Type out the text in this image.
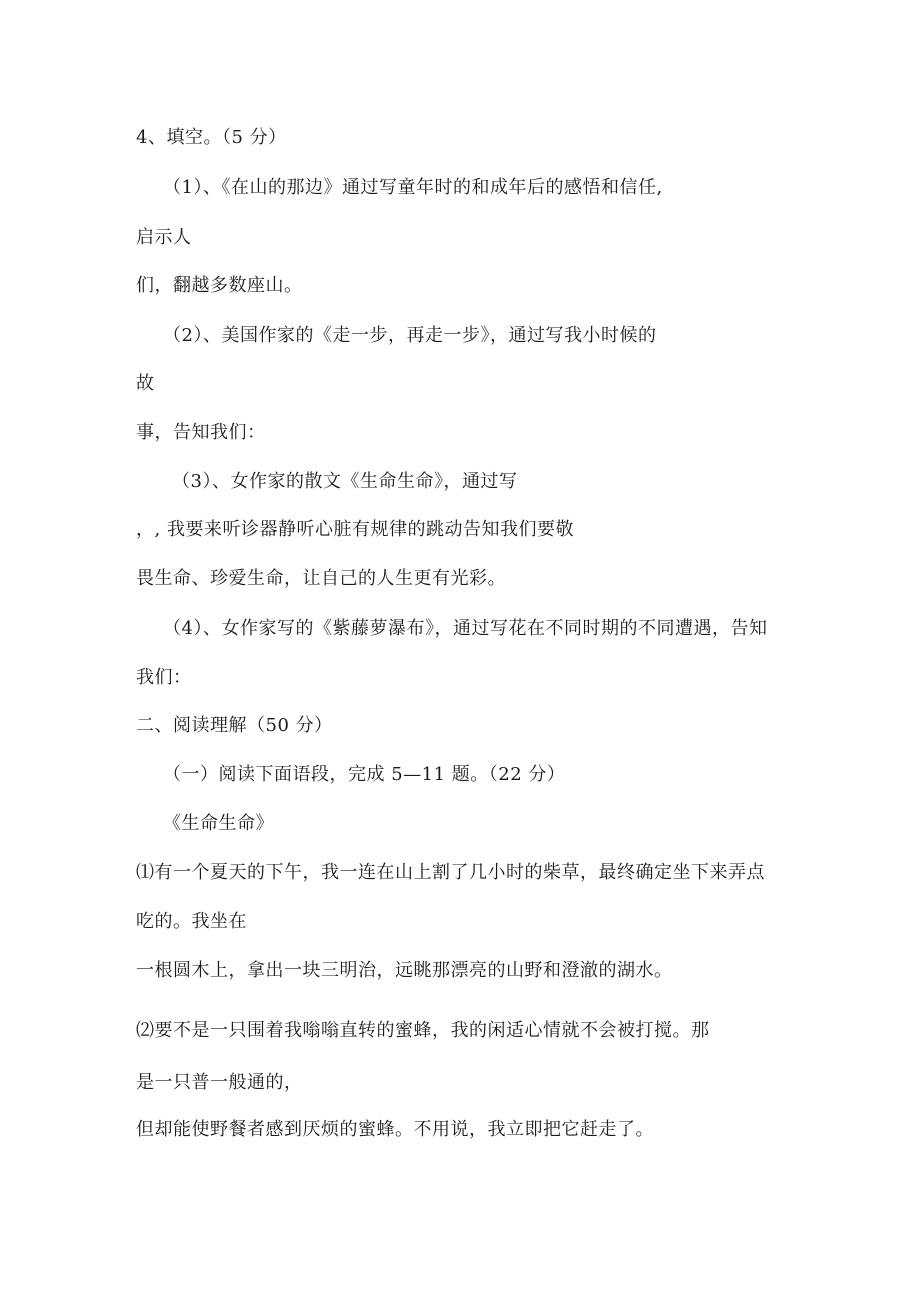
4、填空。（5 分）
（1）、《在山的那边》通过写童年时的和成年后的感悟和信任,
启示人
们，翻越多数座山。
（2）、美国作家的《走一步，再走一步》，通过写我小时候的
故
事，告知我们：
（3）、女作家的散文《生命生命》，通过写
，, 我要来听诊器静听心脏有规律的跳动告知我们要敬
畏生命、珍爱生命，让自己的人生更有光彩。
（4）、女作家写的《紫藤萝瀑布》，通过写花在不同时期的不同遭遇，告知
我们：
二、阅读理解（50 分）
（一）阅读下面语段，完成 5—11 题。（22 分）
《生命生命》
⑴有一个夏天的下午，我一连在山上割了几小时的柴草，最终确定坐下来弄点
吃的。我坐在
一根圆木上，拿出一块三明治，远眺那漂亮的山野和澄澈的湖水。
⑵要不是一只围着我嗡嗡直转的蜜蜂，我的闲适心情就不会被打搅。那
是一只普一般通的，
但却能使野餐者感到厌烦的蜜蜂。不用说，我立即把它赶走了。
